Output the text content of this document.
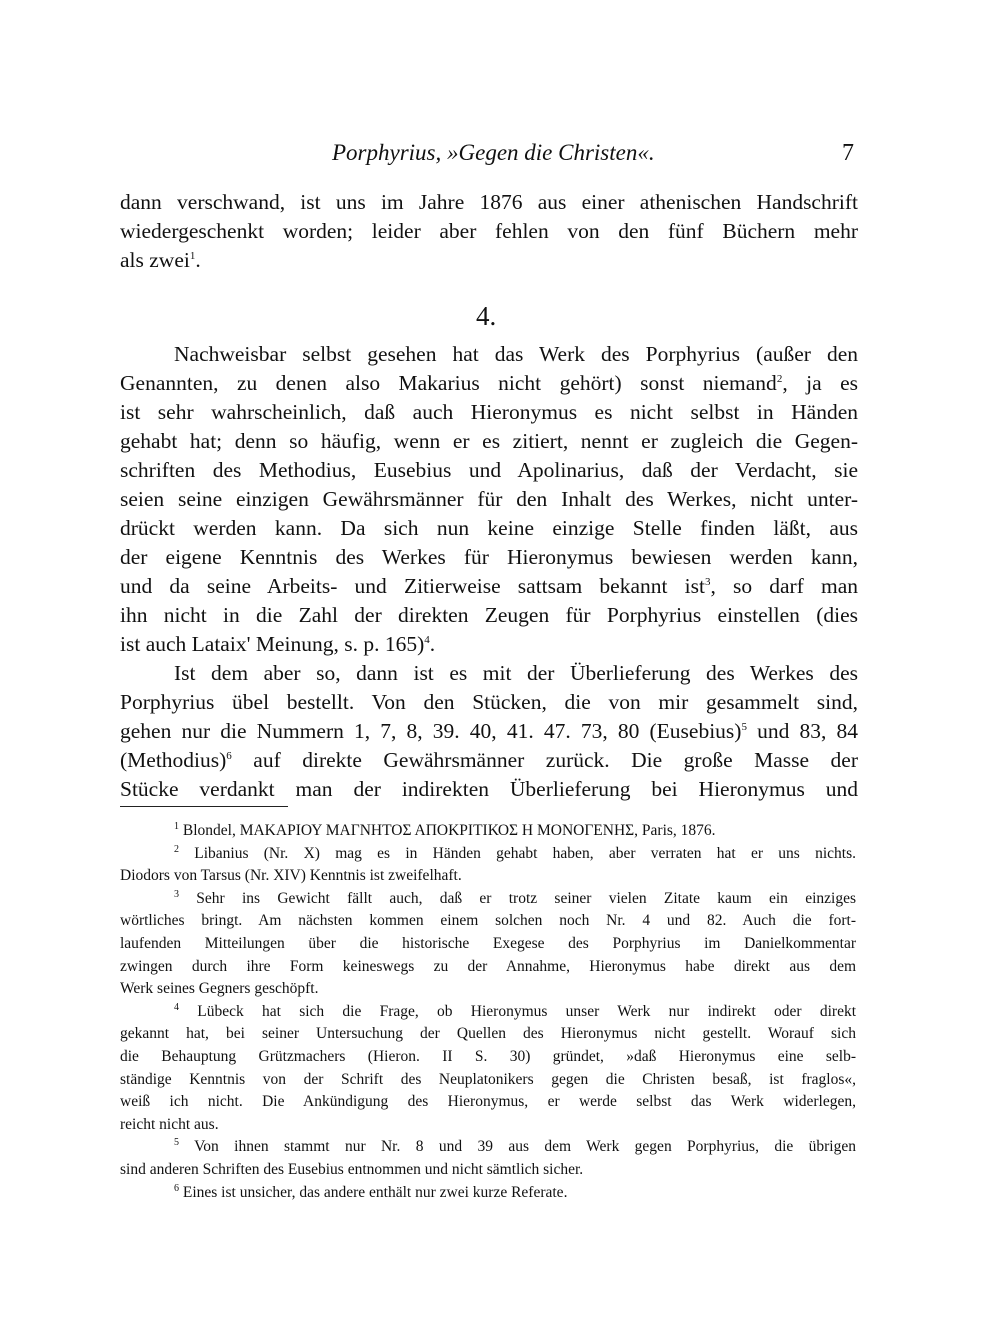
Porphyrius, »Gegen die Christen«.	7
dann verschwand, ist uns im Jahre 1876 aus einer athenischen Handschrift
wiedergeschenkt worden; leider aber fehlen von den fünf Büchern mehr
als zwei$^1$.
4.
Nachweisbar selbst gesehen hat das Werk des Porphyrius (außer den
Genannten, zu denen also Makarius nicht gehört) sonst niemand$^2$, ja es
ist sehr wahrscheinlich, daß auch Hieronymus es nicht selbst in Händen
gehabt hat; denn so häufig, wenn er es zitiert, nennt er zugleich die Gegen-
schriften des Methodius, Eusebius und Apolinarius, daß der Verdacht, sie
seien seine einzigen Gewährsmänner für den Inhalt des Werkes, nicht unter-
drückt werden kann. Da sich nun keine einzige Stelle finden läßt, aus
der eigene Kenntnis des Werkes für Hieronymus bewiesen werden kann,
und da seine Arbeits- und Zitierweise sattsam bekannt ist$^3$, so darf man
ihn nicht in die Zahl der direkten Zeugen für Porphyrius einstellen (dies
ist auch Lataix' Meinung, s. p. 165)$^4$.
Ist dem aber so, dann ist es mit der Überlieferung des Werkes des
Porphyrius übel bestellt. Von den Stücken, die von mir gesammelt sind,
gehen nur die Nummern 1, 7, 8, 39. 40, 41. 47. 73, 80 (Eusebius)$^5$ und 83, 84
(Methodius)$^6$ auf direkte Gewährsmänner zurück. Die große Masse der
Stücke verdankt man der indirekten Überlieferung bei Hieronymus und
$^1$ Blondel, ΜΑΚΑΡΙΟΥ ΜΑΓΝΗΤΟΣ ΑΠΟΚΡΙΤΙΚΟΣ Η ΜΟΝΟΓΕΝΗΣ, Paris, 1876.
$^2$ Libanius (Nr. X) mag es in Händen gehabt haben, aber verraten hat er uns nichts.
Diodors von Tarsus (Nr. XIV) Kenntnis ist zweifelhaft.
$^3$ Sehr ins Gewicht fällt auch, daß er trotz seiner vielen Zitate kaum ein einziges
wörtliches bringt. Am nächsten kommen einem solchen noch Nr. 4 und 82. Auch die fort-
laufenden Mitteilungen über die historische Exegese des Porphyrius im Danielkommentar
zwingen durch ihre Form keineswegs zu der Annahme, Hieronymus habe direkt aus dem
Werk seines Gegners geschöpft.
$^4$ Lübeck hat sich die Frage, ob Hieronymus unser Werk nur indirekt oder direkt
gekannt hat, bei seiner Untersuchung der Quellen des Hieronymus nicht gestellt. Worauf sich
die Behauptung Grützmachers (Hieron. II S. 30) gründet, »daß Hieronymus eine selb-
ständige Kenntnis von der Schrift des Neuplatonikers gegen die Christen besaß, ist fraglos«,
weiß ich nicht. Die Ankündigung des Hieronymus, er werde selbst das Werk widerlegen,
reicht nicht aus.
$^5$ Von ihnen stammt nur Nr. 8 und 39 aus dem Werk gegen Porphyrius, die übrigen
sind anderen Schriften des Eusebius entnommen und nicht sämtlich sicher.
$^6$ Eines ist unsicher, das andere enthält nur zwei kurze Referate.
